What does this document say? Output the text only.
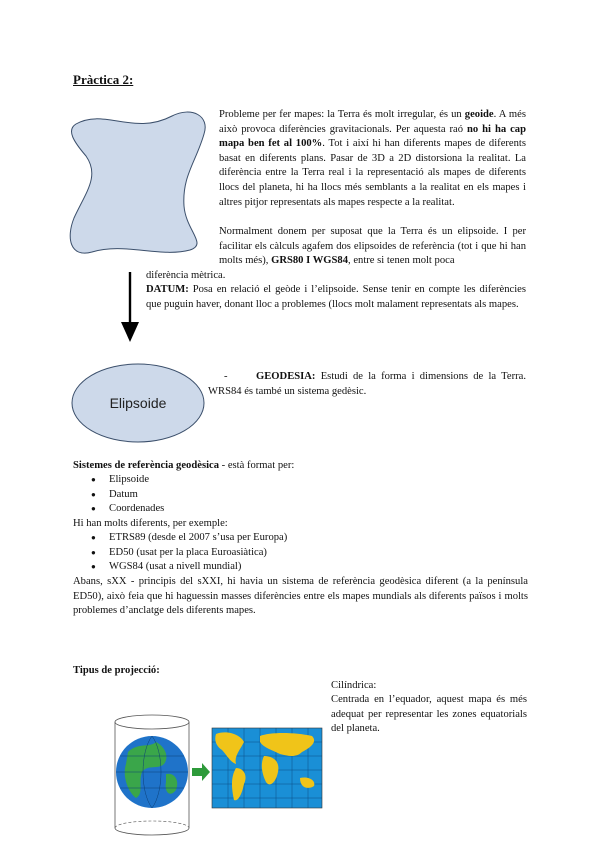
Pràctica 2:
Probleme per fer mapes: la Terra és molt irregular, és un geoide. A més això provoca diferències gravitacionals. Per aquesta raó no hi ha cap mapa ben fet al 100%. Tot i així hi han diferents mapes de diferents basat en diferents plans. Pasar de 3D a 2D distorsiona la realitat. La diferència entre la Terra real i la representació als mapes de diferents llocs del planeta, hi ha llocs més semblants a la realitat en els mapes i altres pitjor representats als mapes respecte a la realitat.
Normalment donem per suposat que la Terra és un elipsoide. I per facilitar els càlculs agafem dos elipsoides de referència (tot i que hi han molts més), GRS80 I WGS84, entre si tenen molt poca
diferència mètrica.
DATUM: Posa en relació el geòde i l’elipsoide. Sense tenir en compte les diferències que puguin haver, donant lloc a problemes (llocs molt malament representats als mapes.
Elipsoide
-	GEODESIA: Estudi de la forma i dimensions de la Terra. WRS84 és també un sistema gedèsic.
Sistemes de referència geodèsica - està format per:
● Elipsoide
● Datum
● Coordenades
Hi han molts diferents, per exemple:
● ETRS89 (desde el 2007 s’usa per Europa)
● ED50 (usat per la placa Euroasiàtica)
● WGS84 (usat a nivell mundial)
Abans, sXX - principis del sXXI, hi havia un sistema de referència geodèsica diferent (a la península ED50), això feia que hi haguessin masses diferències entre els mapes mundials als diferents països i molts problemes d’anclatge dels diferents mapes.
Tipus de projecció:
Cilíndrica:
Centrada en l’equador, aquest mapa és més adequat per representar les zones equatorials del planeta.
